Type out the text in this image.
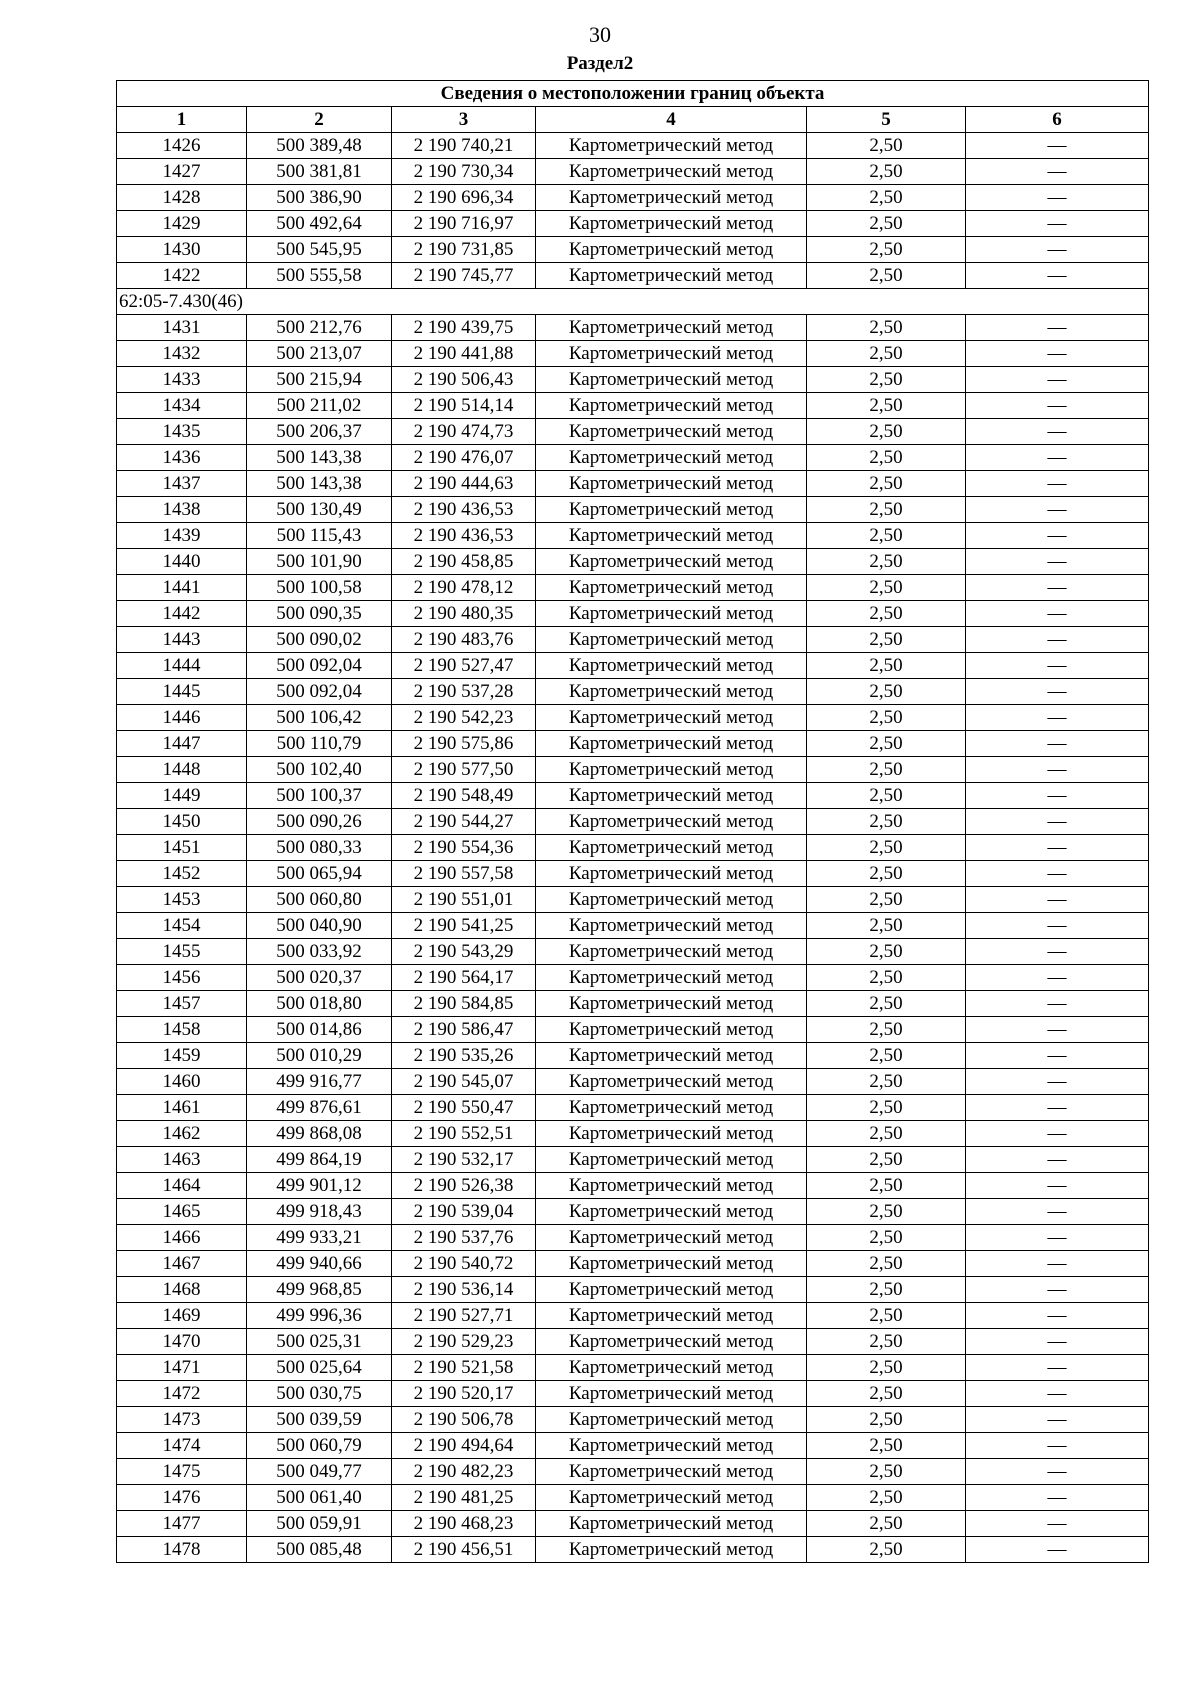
30
Раздел2
Сведения о местоположении границ объекта					
1	2	3	4	5	6
1426	500 389,48	2 190 740,21	Картометрический метод	2,50	—
1427	500 381,81	2 190 730,34	Картометрический метод	2,50	—
1428	500 386,90	2 190 696,34	Картометрический метод	2,50	—
1429	500 492,64	2 190 716,97	Картометрический метод	2,50	—
1430	500 545,95	2 190 731,85	Картометрический метод	2,50	—
1422	500 555,58	2 190 745,77	Картометрический метод	2,50	—
62:05-7.430(46)					
1431	500 212,76	2 190 439,75	Картометрический метод	2,50	—
1432	500 213,07	2 190 441,88	Картометрический метод	2,50	—
1433	500 215,94	2 190 506,43	Картометрический метод	2,50	—
1434	500 211,02	2 190 514,14	Картометрический метод	2,50	—
1435	500 206,37	2 190 474,73	Картометрический метод	2,50	—
1436	500 143,38	2 190 476,07	Картометрический метод	2,50	—
1437	500 143,38	2 190 444,63	Картометрический метод	2,50	—
1438	500 130,49	2 190 436,53	Картометрический метод	2,50	—
1439	500 115,43	2 190 436,53	Картометрический метод	2,50	—
1440	500 101,90	2 190 458,85	Картометрический метод	2,50	—
1441	500 100,58	2 190 478,12	Картометрический метод	2,50	—
1442	500 090,35	2 190 480,35	Картометрический метод	2,50	—
1443	500 090,02	2 190 483,76	Картометрический метод	2,50	—
1444	500 092,04	2 190 527,47	Картометрический метод	2,50	—
1445	500 092,04	2 190 537,28	Картометрический метод	2,50	—
1446	500 106,42	2 190 542,23	Картометрический метод	2,50	—
1447	500 110,79	2 190 575,86	Картометрический метод	2,50	—
1448	500 102,40	2 190 577,50	Картометрический метод	2,50	—
1449	500 100,37	2 190 548,49	Картометрический метод	2,50	—
1450	500 090,26	2 190 544,27	Картометрический метод	2,50	—
1451	500 080,33	2 190 554,36	Картометрический метод	2,50	—
1452	500 065,94	2 190 557,58	Картометрический метод	2,50	—
1453	500 060,80	2 190 551,01	Картометрический метод	2,50	—
1454	500 040,90	2 190 541,25	Картометрический метод	2,50	—
1455	500 033,92	2 190 543,29	Картометрический метод	2,50	—
1456	500 020,37	2 190 564,17	Картометрический метод	2,50	—
1457	500 018,80	2 190 584,85	Картометрический метод	2,50	—
1458	500 014,86	2 190 586,47	Картометрический метод	2,50	—
1459	500 010,29	2 190 535,26	Картометрический метод	2,50	—
1460	499 916,77	2 190 545,07	Картометрический метод	2,50	—
1461	499 876,61	2 190 550,47	Картометрический метод	2,50	—
1462	499 868,08	2 190 552,51	Картометрический метод	2,50	—
1463	499 864,19	2 190 532,17	Картометрический метод	2,50	—
1464	499 901,12	2 190 526,38	Картометрический метод	2,50	—
1465	499 918,43	2 190 539,04	Картометрический метод	2,50	—
1466	499 933,21	2 190 537,76	Картометрический метод	2,50	—
1467	499 940,66	2 190 540,72	Картометрический метод	2,50	—
1468	499 968,85	2 190 536,14	Картометрический метод	2,50	—
1469	499 996,36	2 190 527,71	Картометрический метод	2,50	—
1470	500 025,31	2 190 529,23	Картометрический метод	2,50	—
1471	500 025,64	2 190 521,58	Картометрический метод	2,50	—
1472	500 030,75	2 190 520,17	Картометрический метод	2,50	—
1473	500 039,59	2 190 506,78	Картометрический метод	2,50	—
1474	500 060,79	2 190 494,64	Картометрический метод	2,50	—
1475	500 049,77	2 190 482,23	Картометрический метод	2,50	—
1476	500 061,40	2 190 481,25	Картометрический метод	2,50	—
1477	500 059,91	2 190 468,23	Картометрический метод	2,50	—
1478	500 085,48	2 190 456,51	Картометрический метод	2,50	—
